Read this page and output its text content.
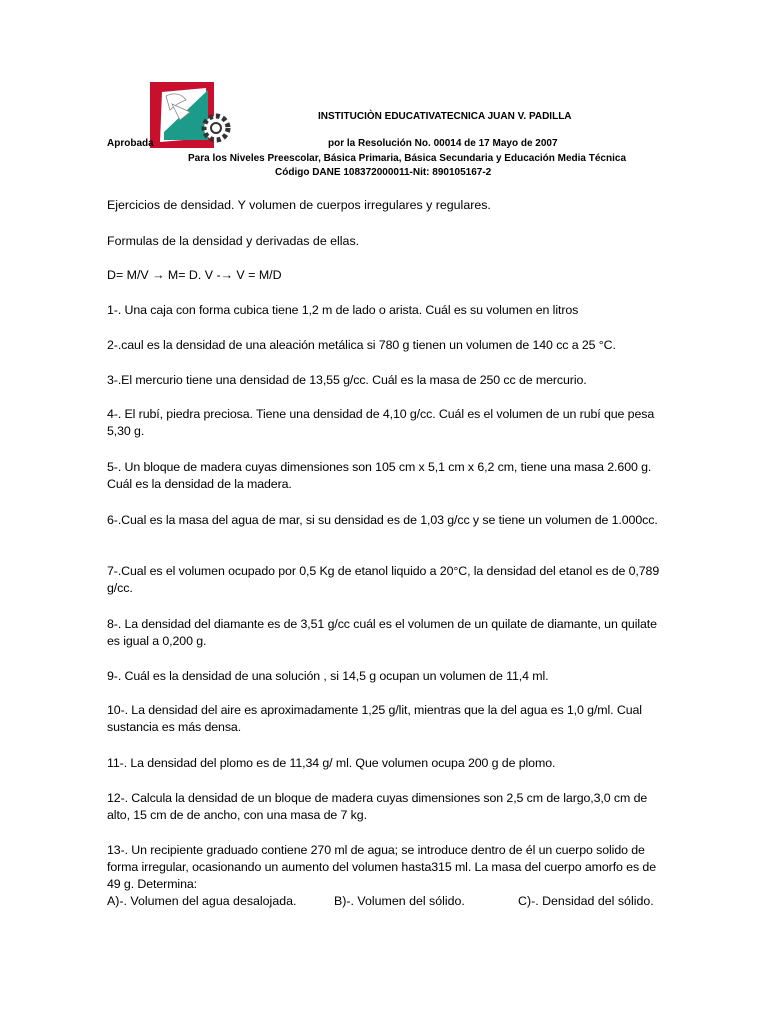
INSTITUCIÒN EDUCATIVATECNICA JUAN V. PADILLA
Aprobada	por la Resolución No. 00014 de 17 Mayo de 2007
Para los Niveles Preescolar, Básica Primaria, Básica Secundaria y Educación Media Técnica
Código DANE 108372000011-Nit: 890105167-2
Ejercicios de densidad. Y volumen de cuerpos irregulares y regulares.
Formulas de la densidad y derivadas de ellas.
D= M/V → M= D. V -→ V = M/D
1-. Una caja con forma cubica tiene 1,2 m de lado o arista. Cuál es su volumen en litros
2-.caul es la densidad de una aleación metálica si 780 g tienen un volumen de 140 cc a 25 °C.
3-.El mercurio tiene una densidad de 13,55 g/cc. Cuál es la masa de 250 cc de mercurio.
4-. El rubí, piedra preciosa. Tiene una densidad de 4,10 g/cc. Cuál es el volumen de un rubí que pesa 5,30 g.
5-. Un bloque de madera cuyas dimensiones son 105 cm x 5,1 cm x 6,2 cm, tiene una masa 2.600 g. Cuál es la densidad de la madera.
6-.Cual es la masa del agua de mar, si su densidad es de 1,03 g/cc y se tiene un volumen de 1.000cc.
7-.Cual es el volumen ocupado por 0,5 Kg de etanol liquido a 20°C, la densidad del etanol es de 0,789 g/cc.
8-. La densidad del diamante es de 3,51 g/cc cuál es el volumen de un quilate de diamante, un quilate es igual a 0,200 g.
9-. Cuál es la densidad de una solución , si 14,5 g ocupan un volumen de 11,4 ml.
10-. La densidad del aire es aproximadamente 1,25 g/lit, mientras que la del agua es 1,0 g/ml. Cual sustancia es más densa.
11-. La densidad del plomo es de 11,34 g/ ml. Que volumen ocupa 200 g de plomo.
12-. Calcula la densidad de un bloque de madera cuyas dimensiones son 2,5 cm de largo,3,0 cm de alto, 15 cm de de ancho, con una masa de 7 kg.
13-. Un recipiente graduado contiene 270 ml de agua; se introduce dentro de él un cuerpo solido de forma irregular, ocasionando un aumento del volumen hasta315 ml. La masa del cuerpo amorfo es de 49 g. Determina:
A)-. Volumen del agua desalojada.	B)-. Volumen del sólido.	C)-. Densidad del sólido.
